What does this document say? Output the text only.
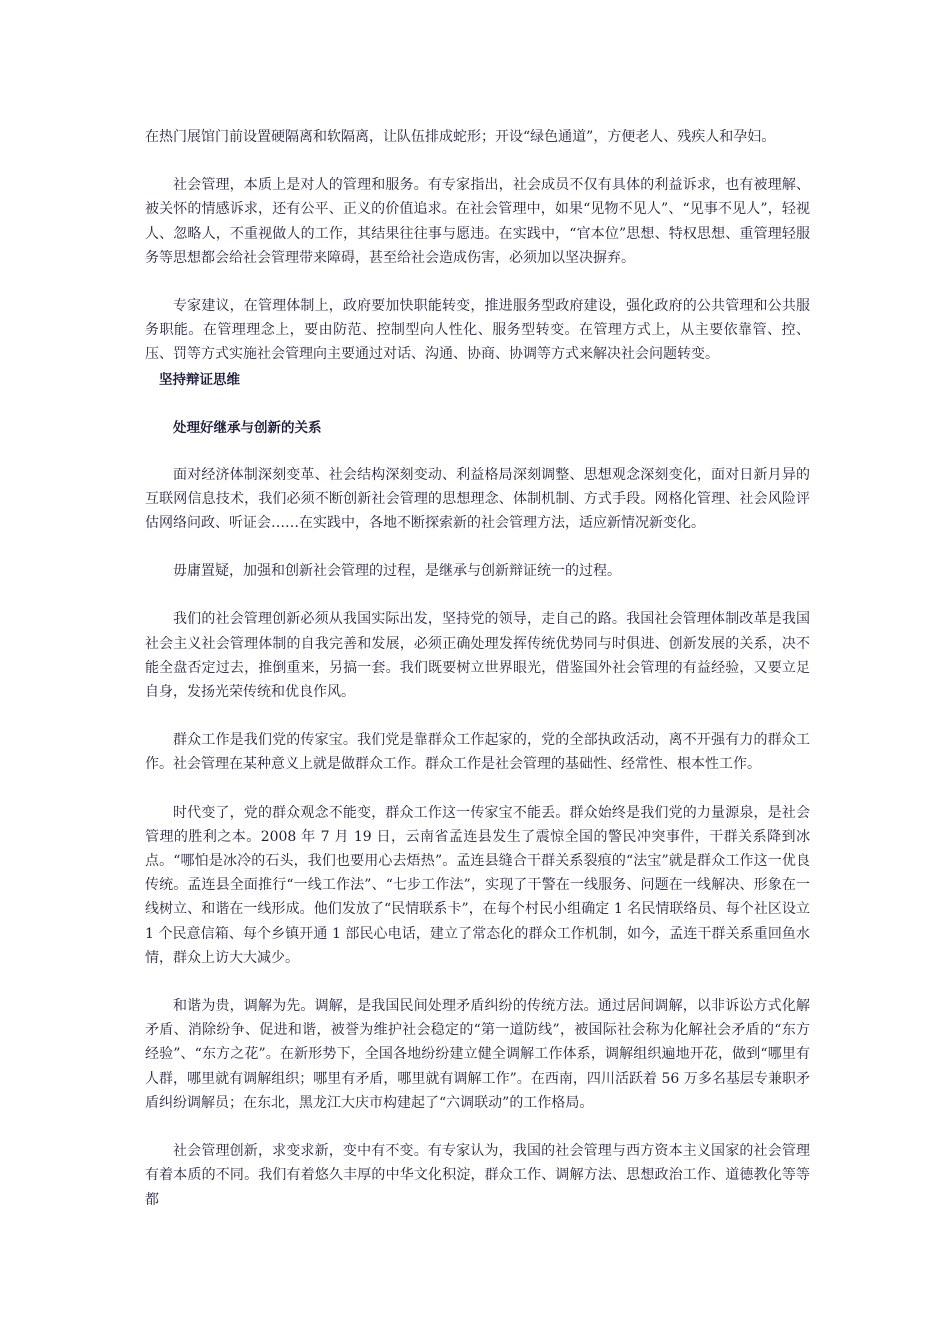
在热门展馆门前设置硬隔离和软隔离，让队伍排成蛇形；开设“绿色通道”，方便老人、残疾人和孕妇。

社会管理，本质上是对人的管理和服务。有专家指出，社会成员不仅有具体的利益诉求，也有被理解、被关怀的情感诉求，还有公平、正义的价值追求。在社会管理中，如果“见物不见人”、“见事不见人”，轻视人、忽略人，不重视做人的工作，其结果往往事与愿违。在实践中，“官本位”思想、特权思想、重管理轻服务等思想都会给社会管理带来障碍，甚至给社会造成伤害，必须加以坚决摒弃。

专家建议，在管理体制上，政府要加快职能转变，推进服务型政府建设，强化政府的公共管理和公共服务职能。在管理理念上，要由防范、控制型向人性化、服务型转变。在管理方式上，从主要依靠管、控、压、罚等方式实施社会管理向主要通过对话、沟通、协商、协调等方式来解决社会问题转变。

坚持辩证思维
处理好继承与创新的关系

面对经济体制深刻变革、社会结构深刻变动、利益格局深刻调整、思想观念深刻变化，面对日新月异的互联网信息技术，我们必须不断创新社会管理的思想理念、体制机制、方式手段。网格化管理、社会风险评估网络问政、听证会……在实践中，各地不断探索新的社会管理方法，适应新情况新变化。

毋庸置疑，加强和创新社会管理的过程，是继承与创新辩证统一的过程。

我们的社会管理创新必须从我国实际出发，坚持党的领导，走自己的路。我国社会管理体制改革是我国社会主义社会管理体制的自我完善和发展，必须正确处理发挥传统优势同与时俱进、创新发展的关系，决不能全盘否定过去，推倒重来，另搞一套。我们既要树立世界眼光，借鉴国外社会管理的有益经验，又要立足自身，发扬光荣传统和优良作风。

群众工作是我们党的传家宝。我们党是靠群众工作起家的，党的全部执政活动，离不开强有力的群众工作。社会管理在某种意义上就是做群众工作。群众工作是社会管理的基础性、经常性、根本性工作。

时代变了，党的群众观念不能变，群众工作这一传家宝不能丢。群众始终是我们党的力量源泉，是社会管理的胜利之本。2008 年 7 月 19 日，云南省孟连县发生了震惊全国的警民冲突事件，干群关系降到冰点。“哪怕是冰冷的石头，我们也要用心去焐热”。孟连县缝合干群关系裂痕的“法宝”就是群众工作这一优良传统。孟连县全面推行“一线工作法”、“七步工作法”，实现了干警在一线服务、问题在一线解决、形象在一线树立、和谐在一线形成。他们发放了“民情联系卡”，在每个村民小组确定 1 名民情联络员、每个社区设立 1 个民意信箱、每个乡镇开通 1 部民心电话，建立了常态化的群众工作机制，如今，孟连干群关系重回鱼水情，群众上访大大减少。

和谐为贵，调解为先。调解，是我国民间处理矛盾纠纷的传统方法。通过居间调解，以非诉讼方式化解矛盾、消除纷争、促进和谐，被誉为维护社会稳定的“第一道防线”，被国际社会称为化解社会矛盾的“东方经验”、“东方之花”。在新形势下，全国各地纷纷建立健全调解工作体系，调解组织遍地开花，做到“哪里有人群，哪里就有调解组织；哪里有矛盾，哪里就有调解工作”。在西南，四川活跃着 56 万多名基层专兼职矛盾纠纷调解员；在东北，黑龙江大庆市构建起了“六调联动”的工作格局。

社会管理创新，求变求新，变中有不变。有专家认为，我国的社会管理与西方资本主义国家的社会管理有着本质的不同。我们有着悠久丰厚的中华文化积淀，群众工作、调解方法、思想政治工作、道德教化等等都
